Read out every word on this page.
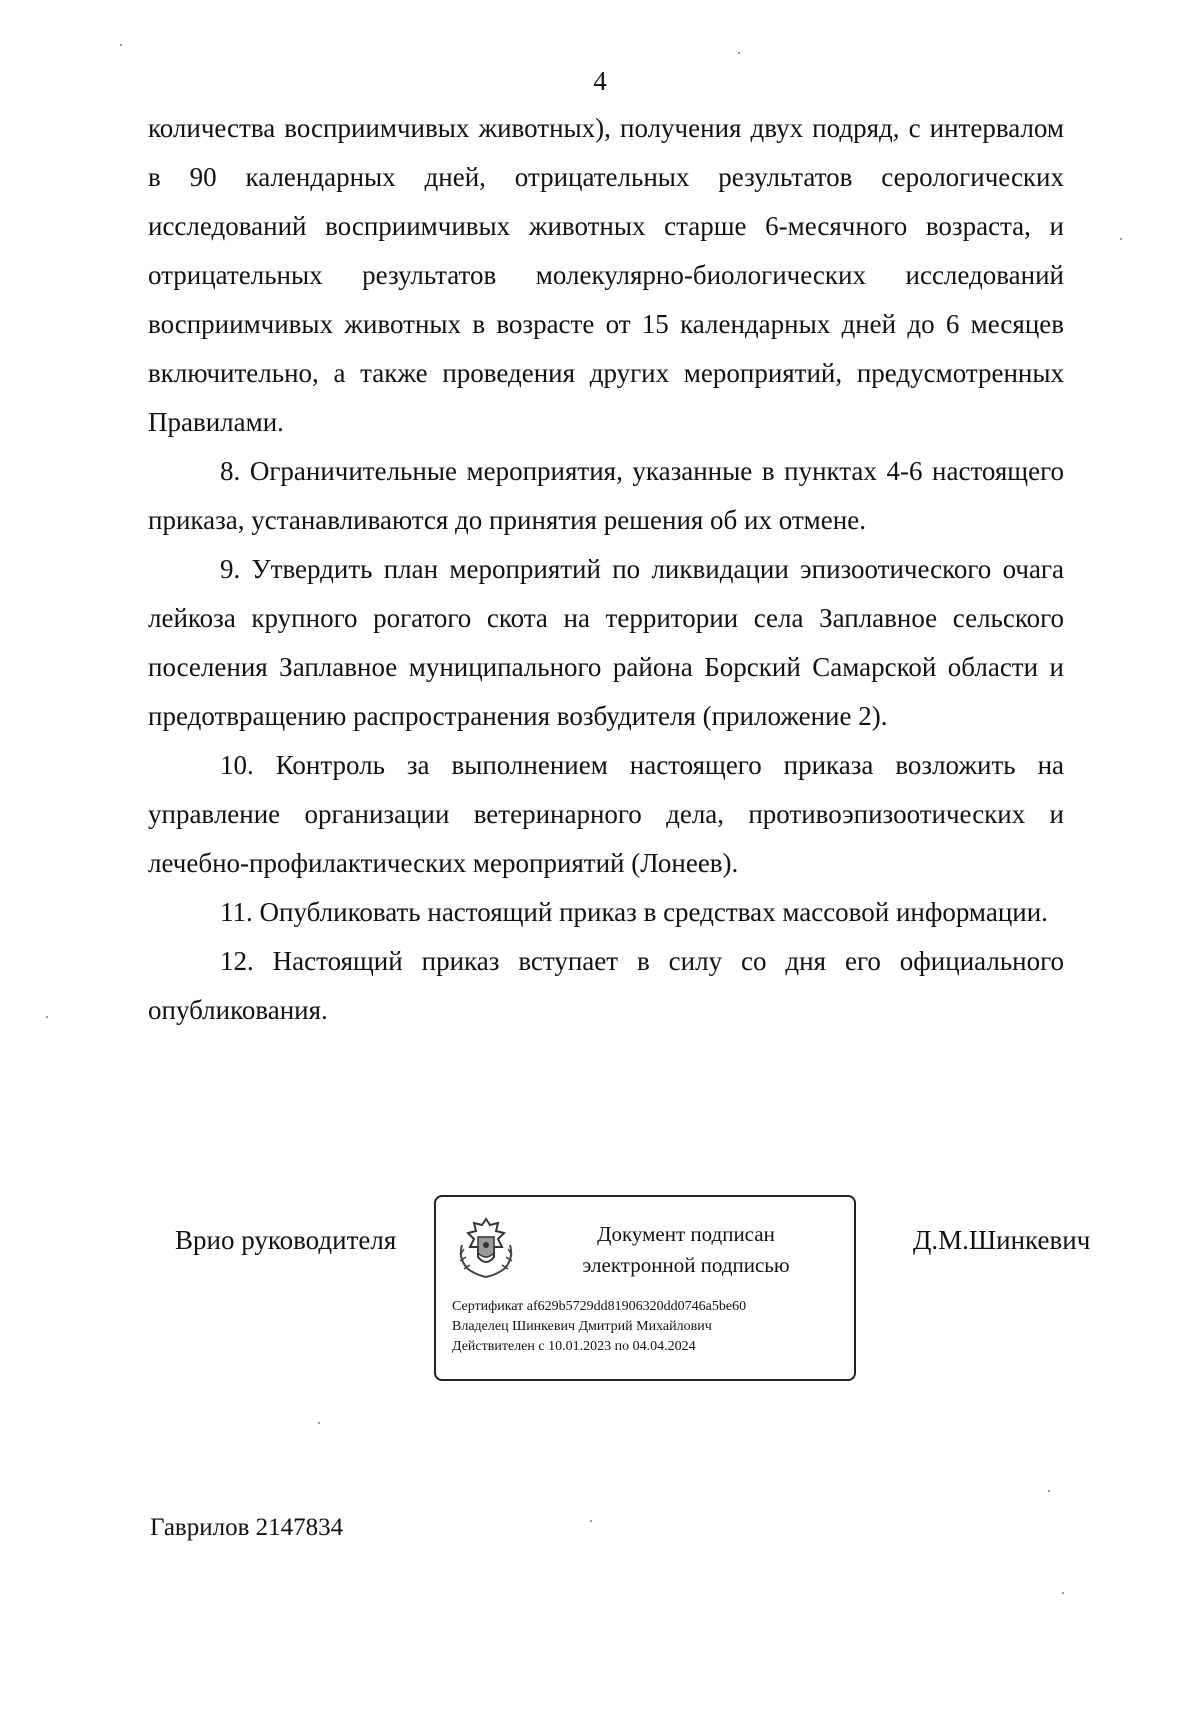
4

количества восприимчивых животных), получения двух подряд, с интервалом в 90 календарных дней, отрицательных результатов серологических исследований восприимчивых животных старше 6-месячного возраста, и отрицательных результатов молекулярно-биологических исследований восприимчивых животных в возрасте от 15 календарных дней до 6 месяцев включительно, а также проведения других мероприятий, предусмотренных Правилами.

8. Ограничительные мероприятия, указанные в пунктах 4-6 настоящего приказа, устанавливаются до принятия решения об их отмене.

9. Утвердить план мероприятий по ликвидации эпизоотического очага лейкоза крупного рогатого скота на территории села Заплавное сельского поселения Заплавное муниципального района Борский Самарской области и предотвращению распространения возбудителя (приложение 2).

10. Контроль за выполнением настоящего приказа возложить на управление организации ветеринарного дела, противоэпизоотических и лечебно-профилактических мероприятий (Лонеев).

11. Опубликовать настоящий приказ в средствах массовой информации.

12. Настоящий приказ вступает в силу со дня его официального опубликования.

Врио руководителя	Документ подписан
электронной подписью
Сертификат af629b5729dd81906320dd0746a5be60
Владелец Шинкевич Дмитрий Михайлович
Действителен с 10.01.2023 по 04.04.2024
Д.М.Шинкевич
Гаврилов 2147834
